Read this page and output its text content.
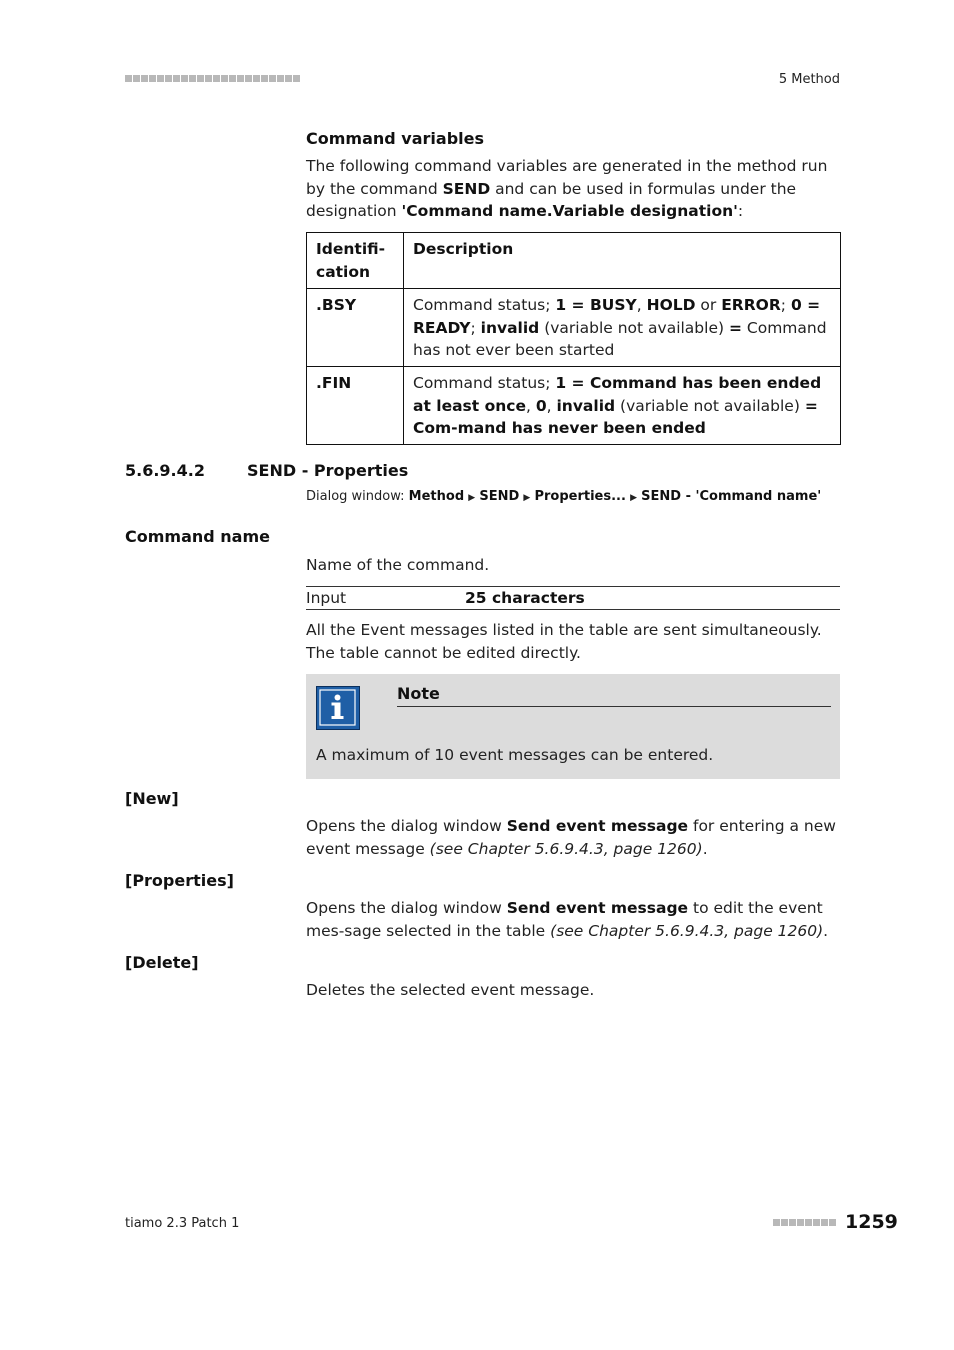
5 Method
Command variables
The following command variables are generated in the method run by the command SEND and can be used in formulas under the designation 'Command name.Variable designation':
Identifi-
cation	Description
.BSY	Command status; 1 = BUSY, HOLD or ERROR; 0 = READY; invalid (variable not available) = Command has not ever been started
.FIN	Command status; 1 = Command has been ended at least once, 0, invalid (variable not available) = Com-mand has never been ended
5.6.9.4.2	SEND - Properties
Dialog window: Method ▶ SEND ▶ Properties... ▶ SEND - 'Command name'
Command name
Name of the command.
Input	25 characters
All the Event messages listed in the table are sent simultaneously. The table cannot be edited directly.
Note
A maximum of 10 event messages can be entered.
[New]
Opens the dialog window Send event message for entering a new event message (see Chapter 5.6.9.4.3, page 1260).
[Properties]
Opens the dialog window Send event message to edit the event mes-sage selected in the table (see Chapter 5.6.9.4.3, page 1260).
[Delete]
Deletes the selected event message.
tiamo 2.3 Patch 1	1259
